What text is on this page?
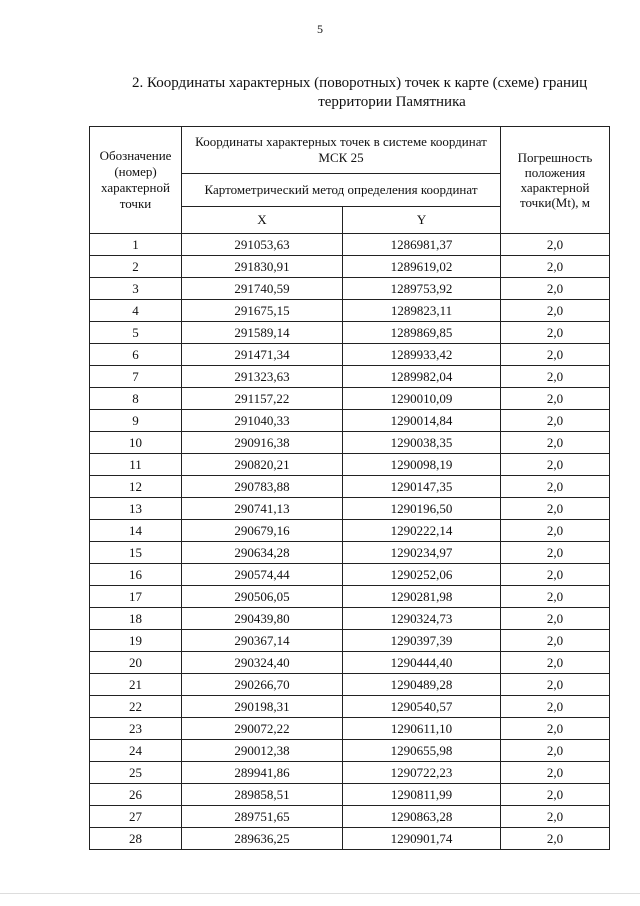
5
2. Координаты характерных (поворотных) точек к карте (схеме) границ
территории Памятника
Обозначение (номер) характерной точки	Координаты характерных точек в системе координат МСК 25		Погрешность положения характерной точки(Mt), м
	Картометрический метод определения координат		
	X	Y	
1	291053,63	1286981,37	2,0
2	291830,91	1289619,02	2,0
3	291740,59	1289753,92	2,0
4	291675,15	1289823,11	2,0
5	291589,14	1289869,85	2,0
6	291471,34	1289933,42	2,0
7	291323,63	1289982,04	2,0
8	291157,22	1290010,09	2,0
9	291040,33	1290014,84	2,0
10	290916,38	1290038,35	2,0
11	290820,21	1290098,19	2,0
12	290783,88	1290147,35	2,0
13	290741,13	1290196,50	2,0
14	290679,16	1290222,14	2,0
15	290634,28	1290234,97	2,0
16	290574,44	1290252,06	2,0
17	290506,05	1290281,98	2,0
18	290439,80	1290324,73	2,0
19	290367,14	1290397,39	2,0
20	290324,40	1290444,40	2,0
21	290266,70	1290489,28	2,0
22	290198,31	1290540,57	2,0
23	290072,22	1290611,10	2,0
24	290012,38	1290655,98	2,0
25	289941,86	1290722,23	2,0
26	289858,51	1290811,99	2,0
27	289751,65	1290863,28	2,0
28	289636,25	1290901,74	2,0
